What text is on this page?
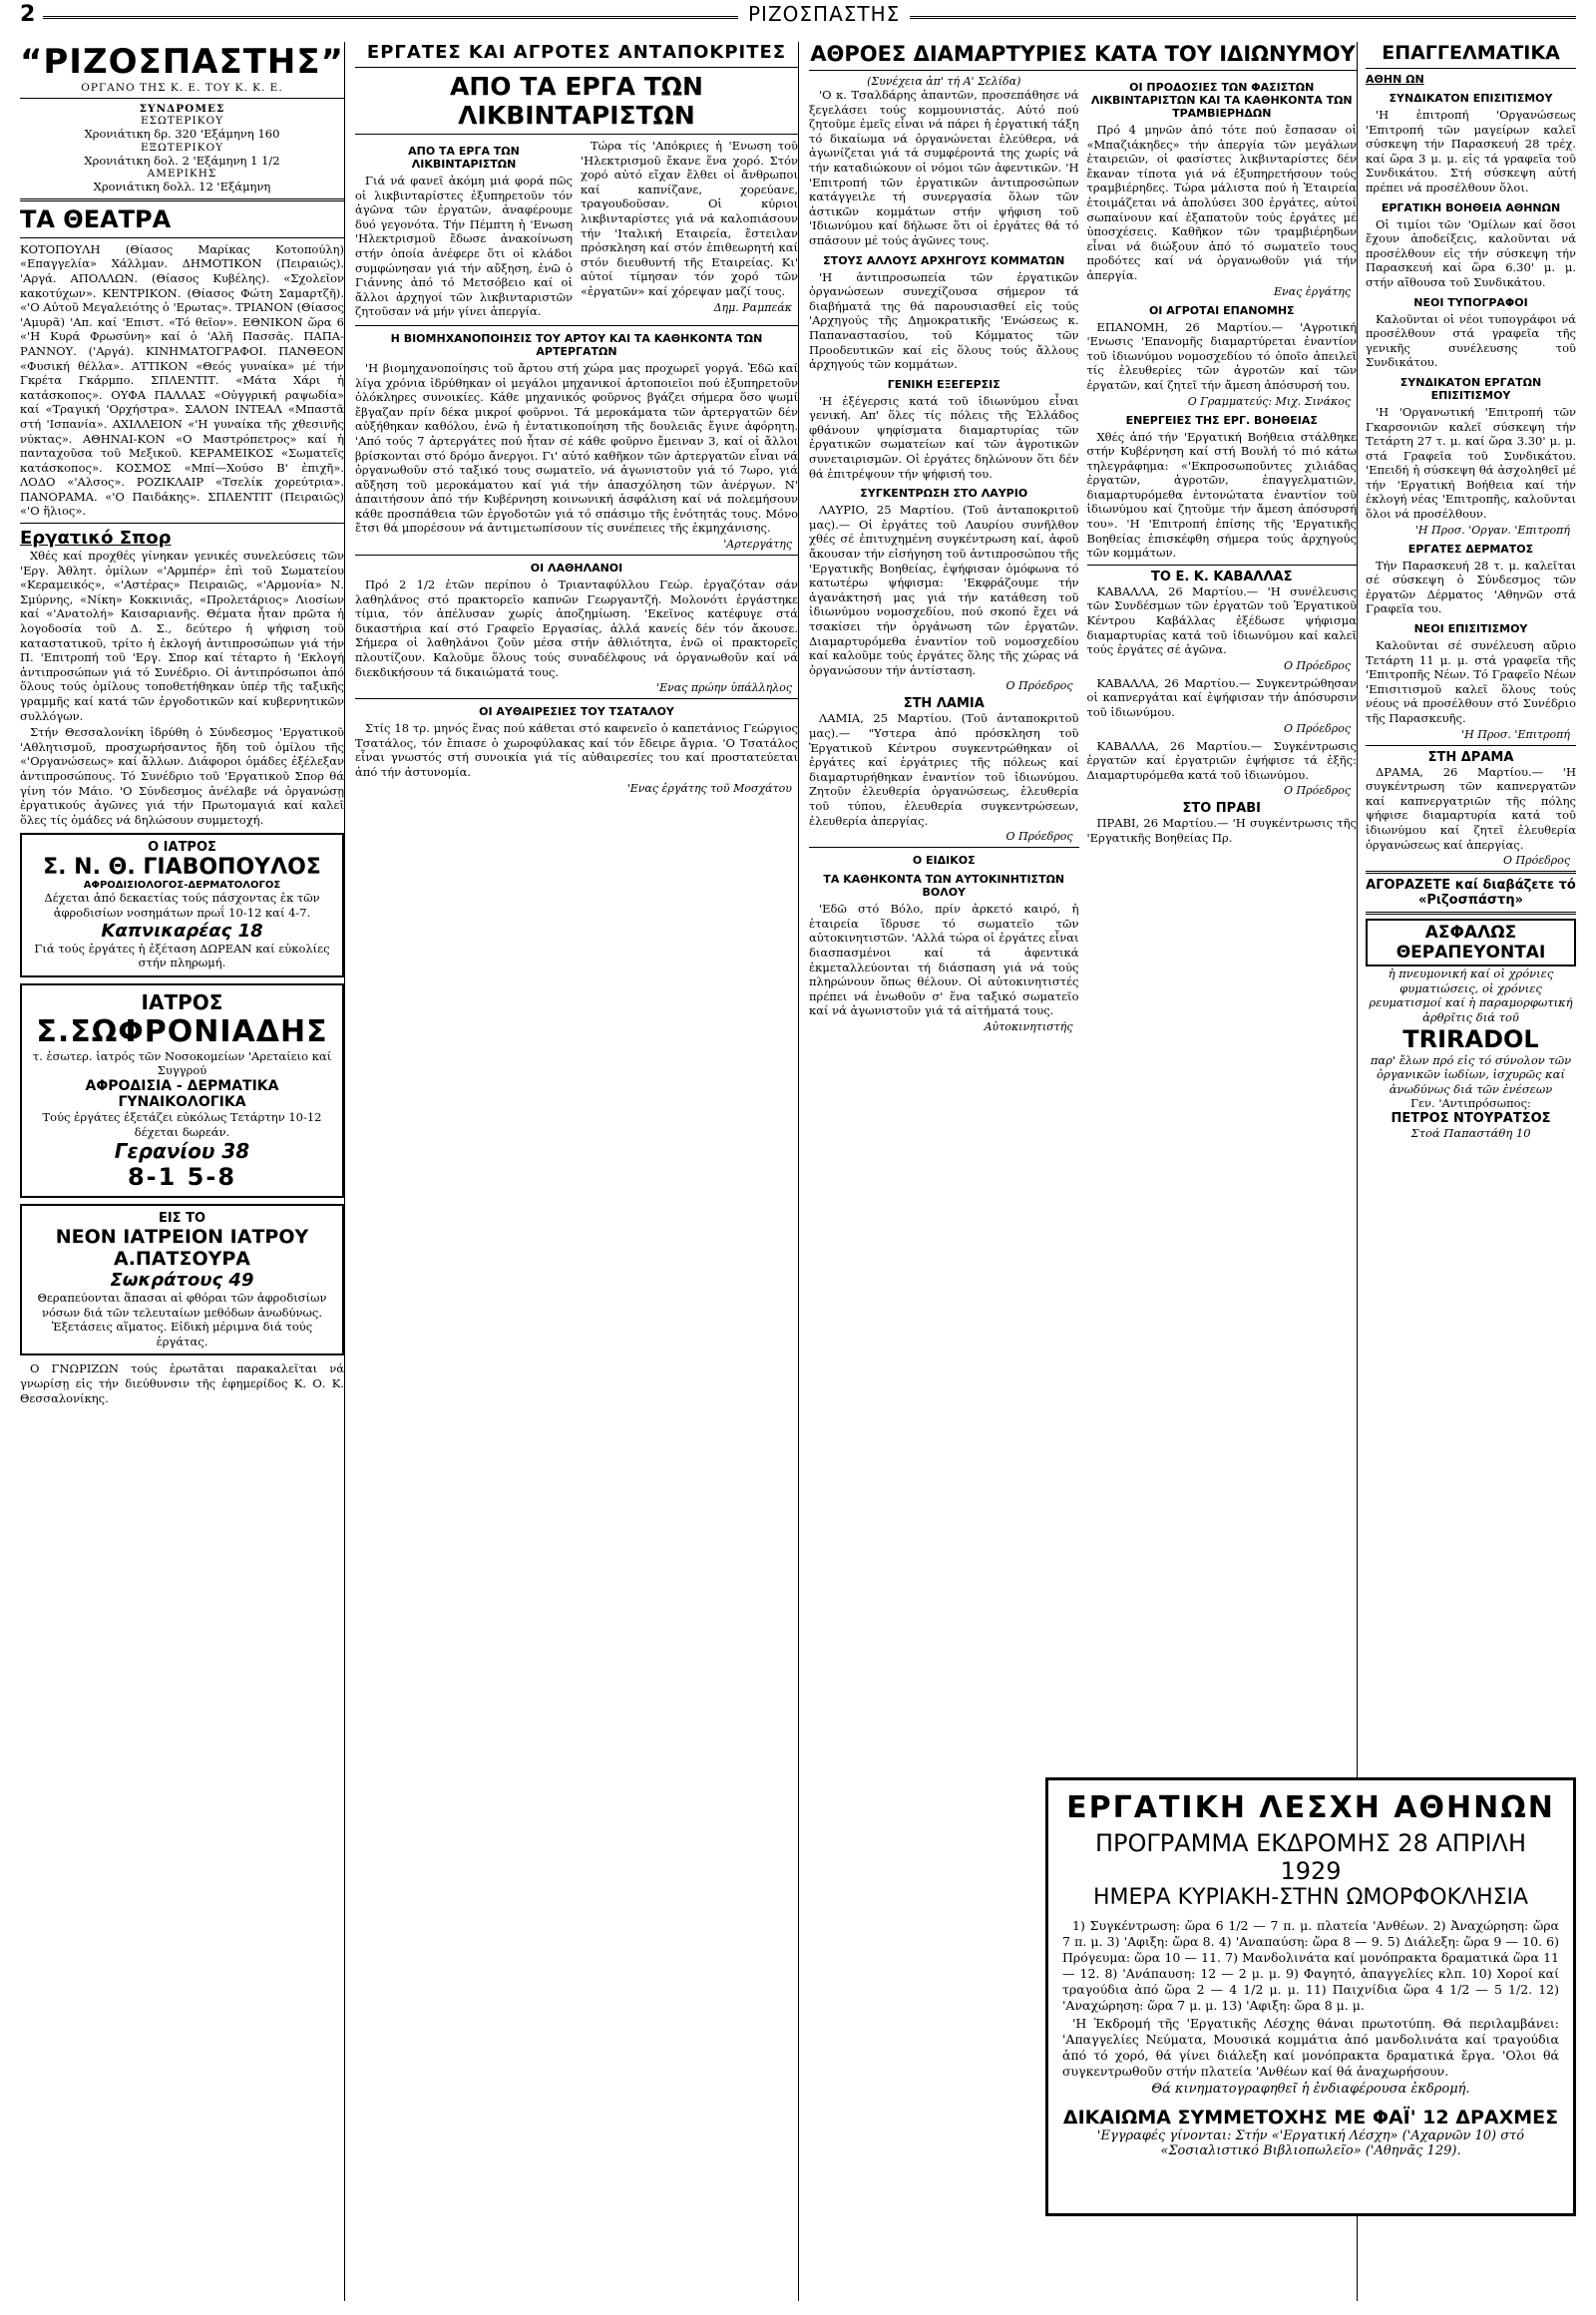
2	ΡΙΖΟΣΠΑΣΤΗΣ
“ΡΙΖΟΣΠΑΣΤΗΣ”
ΟΡΓΑΝΟ ΤΗΣ Κ. Ε. ΤΟΥ Κ. Κ. Ε.
ΣΥΝΔΡΟΜΕΣ
ΕΣΩΤΕΡΙΚΟΥ
Χρονιάτικη δρ. 320 'Εξάμηνη 160
ΕΞΩΤΕΡΙΚΟΥ
Χρονιάτικη δολ. 2 'Εξάμηνη 1 1/2
ΑΜΕΡΙΚΗΣ
Χρονιάτικη δολλ. 12 'Εξάμηνη
ΤΑ ΘΕΑΤΡΑ
ΚΟΤΟΠΟΥΛΗ (Θίασος Μαρίκας Κοτοπούλη) «Επαγγελία» Χάλλμαν. ΔΗΜΟΤΙΚΟΝ (Πειραιώς). 'Αργά. ΑΠΟΛΛΩΝ. (Θίασος Κυβέλης). «Σχολεῖον κακοτύχων». ΚΕΝΤΡΙΚΟΝ. (Θίασος Φώτη Σαμαρτζῆ). «'Ο Αὐτοῦ Μεγαλειότης ὁ 'Ερωτας». ΤΡΙΑΝΟΝ (Θίασος 'Αμυρᾶ) 'Απ. καί 'Επιστ. «Τό θεῖον». ΕΘΝΙΚΟΝ ὥρα 6 «'Η Κυρά Φρωσύνη» καί ὁ 'Αλῆ Πασσᾶς. ΠΑΠΑ-ΡΑΝΝΟΥ. ('Αργά). ΚΙΝΗΜΑΤΟΓΡΑΦΟΙ. ΠΑΝΘΕΟΝ «Φυσική θέλλα». ΑΤΤΙΚΟΝ «Θεός γυναίκα» μέ τήν Γκρέτα Γκάρμπο. ΣΠΛΕΝΤΙΤ. «Μάτα Χάρι ἡ κατάσκοπος». ΟΥΦΑ ΠΑΛΛΑΣ «Οὐγγρική ραψωδία» καί «Τραγική 'Ορχήστρα». ΣΑΛΟΝ ΙΝΤΕΑΛ «Μπαστᾶ στή 'Ισπανία». ΑΧΙΛΛΕΙΟΝ «'Η γυναίκα τῆς χθεσινῆς νύκτας». ΑΘΗΝΑΙ-ΚΟΝ «Ο Μαστρόπετρος» καί ἡ πανταχοῦσα τοῦ Μεξικοῦ. ΚΕΡΑΜΕΙΚΟΣ «Σωματεῖς κατάσκοπος». ΚΟΣΜΟΣ «Μπί—Χούσο Β' ἐπιχῆ». ΛΟΔΟ «'Αλσος». ΡΟΖΙΚΛΑΙΡ «Τσελίκ χορεύτρια». ΠΑΝΟΡΑΜΑ. «'Ο Παιδάκης». ΣΠΛΕΝΤΙΤ (Πειραιῶς) «'Ο ἥλιος».
Εργατικό Σπορ

Χθές καί προχθές γίνηκαν γενικές συνελεύσεις τῶν 'Εργ. Ἀθλητ. ὁμίλων «'Αρμπέρ» ἐπὶ τοῦ Σωματείου «Κεραμεικός», «'Αστέρας» Πειραιῶς, «'Αρμονία» Ν. Σμύρνης, «Νίκη» Κοκκινιᾶς, «Προλετάριος» Λιοσίων καί «'Ανατολή» Καισαριανῆς. Θέματα ἦταν πρῶτα ἡ λογοδοσία τοῦ Δ. Σ., δεύτερο ἡ ψήφιση τοῦ καταστατικοῦ, τρίτο ἡ ἐκλογή ἀντιπροσώπων γιά τήν Π. 'Επιτροπή τοῦ 'Εργ. Σπορ καί τέταρτο ἡ 'Εκλογή ἀντιπροσώπων γιά τό Συνέδριο. Οἱ ἀντιπρόσωποι ἀπό ὅλους τούς ὁμίλους τοποθετήθηκαν ὑπέρ τῆς ταξικῆς γραμμῆς καί κατά τῶν ἐργοδοτικῶν καί κυβερνητικῶν συλλόγων.

Στήν Θεσσαλονίκη ἱδρύθη ὁ Σύνδεσμος 'Εργατικοῦ 'Αθλητισμοῦ, προσχωρήσαντος ἤδη τοῦ ὁμίλου τῆς «'Οργανώσεως» καί ἄλλων. Διάφοροι ὁμάδες ἐξέλεξαν ἀντιπροσώπους. Τό Συνέδριο τοῦ 'Εργατικοῦ Σπορ θά γίνη τόν Μάιο. 'Ο Σύνδεσμος ἀνέλαβε νά ὀργανώσῃ ἐργατικούς ἀγῶνες γιά τήν Πρωτομαγιά καί καλεῖ ὅλες τίς ὁμάδες νά δηλώσουν συμμετοχή.

Ο ΙΑΤΡΟΣ
Σ. Ν. Θ. ΓΙΑΒΟΠΟΥΛΟΣ
ΑΦΡΟΔΙΣΙΟΛΟΓΟΣ-ΔΕΡΜΑΤΟΛΟΓΟΣ
Δέχεται ἀπό δεκαετίας τούς πάσχοντας ἐκ τῶν ἀφροδισίων νοσημάτων πρωΐ 10-12 καί 4-7.
Καπνικαρέας 18
Γιά τούς ἐργάτες ἡ ἐξέταση ΔΩΡΕΑΝ καί εὐκολίες στήν πληρωμή.
ΙΑΤΡΟΣ
Σ.ΣΩΦΡΟΝΙΑΔΗΣ
τ. ἐσωτερ. ἰατρός τῶν Νοσοκομείων 'Αρεταίειο καί Συγγρού
ΑΦΡΟΔΙΣΙΑ - ΔΕΡΜΑΤΙΚΑ ΓΥΝΑΙΚΟΛΟΓΙΚΑ
Τούς ἐργάτες ἐξετάζει εὐκόλως Τετάρτην 10-12 δέχεται δωρεάν.
Γερανίου 38
8-1 5-8
ΕΙΣ ΤΟ
ΝΕΟΝ ΙΑΤΡΕΙΟΝ ΙΑΤΡΟΥ Α.ΠΑΤΣΟΥΡΑ
Σωκράτους 49
Θεραπεύονται ἅπασαι αἱ φθόραι τῶν ἀφροδισίων νόσων διά τῶν τελευταίων μεθόδων ἀνωδύνως. Ἐξετάσεις αἵματος. Εἰδικὴ μέριμνα διά τούς ἐργάτας.

Ο ΓΝΩΡΙΖΩΝ τούς ἐρωτᾶται παρακαλεῖται νά γνωρίσῃ εἰς τήν διεύθυνσιν τῆς ἐφημερίδος Κ. Ο. Κ. Θεσσαλονίκης.

ΕΡΓΑΤΕΣ ΚΑΙ ΑΓΡΟΤΕΣ ΑΝΤΑΠΟΚΡΙΤΕΣ
ΑΠΟ ΤΑ ΕΡΓΑ ΤΩΝ ΛΙΚΒΙΝΤΑΡΙΣΤΩΝ
ΑΠΟ ΤΑ ΕΡΓΑ ΤΩΝ ΛΙΚΒΙΝΤΑΡΙΣΤΩΝ

Γιά νά φανεῖ ἀκόμη μιά φορά πῶς οἱ λικβινταρίστες ἐξυπηρετοῦν τόν ἀγῶνα τῶν ἐργατῶν, ἀναφέρουμε δυό γεγονότα. Τήν Πέμπτη ἡ 'Ενωση 'Ηλεκτρισμοῦ ἔδωσε ἀνακοίνωση στήν ὁποία ἀνέφερε ὅτι οἱ κλάδοι συμφώνησαν γιά τήν αὔξηση, ἐνῶ ὁ Γιάννης ἀπό τό Μετσόβειο καί οἱ ἄλλοι ἀρχηγοί τῶν λικβινταριστῶν ζητοῦσαν νά μήν γίνει ἀπεργία.

Τώρα τίς 'Απόκριες ἡ 'Ενωση τοῦ 'Ηλεκτρισμοῦ ἔκανε ἕνα χορό. Στόν χορό αὐτό εἴχαν ἔλθει οἱ ἄνθρωποι καί καπνίζανε, χορεύανε, τραγουδοῦσαν. Οἱ κύριοι λικβινταρίστες γιά νά καλοπιάσουν τήν 'Ιταλική Εταιρεία, ἔστειλαν πρόσκληση καί στόν ἐπιθεωρητή καί στόν διευθυντή τῆς Εταιρείας. Κι' αὐτοί τίμησαν τόν χορό τῶν «ἐργατῶν» καί χόρεψαν μαζί τους.

Δημ. Ραμπεάκ
Η ΒΙΟΜΗΧΑΝΟΠΟΙΗΣΙΣ ΤΟΥ ΑΡΤΟΥ ΚΑΙ ΤΑ ΚΑΘΗΚΟΝΤΑ ΤΩΝ ΑΡΤΕΡΓΑΤΩΝ

'Η βιομηχανοποίησις τοῦ ἄρτου στή χώρα μας προχωρεῖ γοργά. Ἐδῶ καί λίγα χρόνια ἱδρύθηκαν οἱ μεγάλοι μηχανικοί ἀρτοποιεῖοι πού ἐξυπηρετοῦν ὁλόκληρες συνοικίες. Κάθε μηχανικός φοῦρνος βγάζει σήμερα ὅσο ψωμί ἔβγαζαν πρίν δέκα μικροί φοῦρνοι. Τά μεροκάματα τῶν ἀρτεργατῶν δέν αὐξήθηκαν καθόλου, ἐνῶ ἡ ἐντατικοποίηση τῆς δουλειᾶς ἔγινε ἀφόρητη. 'Από τούς 7 ἀρτεργάτες πού ἦταν σέ κάθε φοῦρνο ἔμειναν 3, καί οἱ ἄλλοι βρίσκονται στό δρόμο ἄνεργοι. Γι' αὐτό καθῆκον τῶν ἀρτεργατῶν εἶναι νά ὀργανωθοῦν στό ταξικό τους σωματεῖο, νά ἀγωνιστοῦν γιά τό 7ωρο, γιά αὔξηση τοῦ μεροκάματου καί γιά τήν ἀπασχόληση τῶν ἀνέργων. Ν' ἀπαιτήσουν ἀπό τήν Κυβέρνηση κοινωνική ἀσφάλιση καί νά πολεμήσουν κάθε προσπάθεια τῶν ἐργοδοτῶν γιά τό σπάσιμο τῆς ἑνότητάς τους. Μόνο ἔτσι θά μπορέσουν νά ἀντιμετωπίσουν τίς συνέπειες τῆς ἐκμηχάνισης.

'Αρτεργάτης
ΟΙ ΛΑΘΗΛΑΝΟΙ

Πρό 2 1/2 ἐτῶν περίπου ὁ Τριανταφύλλου Γεώρ. ἐργαζόταν σάν λαθηλάνος στό πρακτορεῖο καπνῶν Γεωργαντζή. Μολονότι ἐργάστηκε τίμια, τόν ἀπέλυσαν χωρίς ἀποζημίωση. 'Εκεῖνος κατέφυγε στά δικαστήρια καί στό Γραφεῖο Εργασίας, ἀλλά κανείς δέν τόν ἄκουσε. Σήμερα οἱ λαθηλάνοι ζοῦν μέσα στήν ἀθλιότητα, ἐνῶ οἱ πρακτορεῖς πλουτίζουν. Καλοῦμε ὅλους τούς συναδέλφους νά ὀργανωθοῦν καί νά διεκδικήσουν τά δικαιώματά τους.

'Ενας πρώην ὑπάλληλος
ΟΙ ΑΥΘΑΙΡΕΣΙΕΣ ΤΟΥ ΤΣΑΤΑΛΟΥ

Στίς 18 τρ. μηνός ἕνας πού κάθεται στό καφενεῖο ὁ καπετάνιος Γεώργιος Τσατάλος, τόν ἔπιασε ὁ χωροφύλακας καί τόν ἔδειρε ἄγρια. 'Ο Τσατάλος εἶναι γνωστός στή συνοικία γιά τίς αὐθαιρεσίες του καί προστατεύεται ἀπό τήν ἀστυνομία.

'Ενας ἐργάτης τοῦ Μοσχάτου
ΑΘΡΟΕΣ ΔΙΑΜΑΡΤΥΡΙΕΣ ΚΑΤΑ ΤΟΥ ΙΔΙΩΝΥΜΟΥ
(Συνέχεια ἀπ' τή Α' Σελίδα)

'Ο κ. Τσαλδάρης ἀπαντῶν, προσεπάθησε νά ξεγελάσει τούς κομμουνιστάς. Αὐτό πού ζητοῦμε ἐμεῖς εἶναι νά πάρει ἡ ἐργατική τάξη τό δικαίωμα νά ὀργανώνεται ἐλεύθερα, νά ἀγωνίζεται γιά τά συμφέροντά της χωρίς νά τήν καταδιώκουν οἱ νόμοι τῶν ἀφεντικῶν. 'Η 'Επιτροπή τῶν ἐργατικῶν ἀντιπροσώπων κατάγγειλε τή συνεργασία ὅλων τῶν ἀστικῶν κομμάτων στήν ψήφιση τοῦ 'Ιδιωνύμου καί δήλωσε ὅτι οἱ ἐργάτες θά τό σπάσουν μέ τούς ἀγῶνες τους.

ΣΤΟΥΣ ΑΛΛΟΥΣ ΑΡΧΗΓΟΥΣ ΚΟΜΜΑΤΩΝ

'Η ἀντιπροσωπεία τῶν ἐργατικῶν ὀργανώσεων συνεχίζουσα σήμερον τά διαβήματά της θά παρουσιασθεί εἰς τούς 'Αρχηγούς τῆς Δημοκρατικῆς 'Ενώσεως κ. Παπαναστασίου, τοῦ Κόμματος τῶν Προοδευτικῶν καί εἰς ὅλους τούς ἄλλους ἀρχηγούς τῶν κομμάτων.

ΓΕΝΙΚΗ ΕΞΕΓΕΡΣΙΣ

'Η ἐξέγερσις κατά τοῦ ἰδιωνύμου εἶναι γενική. Απ' ὅλες τίς πόλεις τῆς Ἑλλάδος φθάνουν ψηφίσματα διαμαρτυρίας τῶν ἐργατικῶν σωματείων καί τῶν ἀγροτικῶν συνεταιρισμῶν. Οἱ ἐργάτες δηλώνουν ὅτι δέν θά ἐπιτρέψουν τήν ψήφισή του.

ΣΥΓΚΕΝΤΡΩΣΗ ΣΤΟ ΛΑΥΡΙΟ

ΛΑΥΡΙΟ, 25 Μαρτίου. (Τοῦ ἀνταποκριτοῦ μας).— Οἱ ἐργάτες τοῦ Λαυρίου συνῆλθον χθές σέ ἐπιτυχημένη συγκέντρωση καί, ἀφοῦ ἄκουσαν τήν εἰσήγηση τοῦ ἀντιπροσώπου τῆς 'Εργατικῆς Βοηθείας, ἐψήφισαν ὁμόφωνα τό κατωτέρω ψήφισμα: 'Εκφράζουμε τήν ἀγανάκτησή μας γιά τήν κατάθεση τοῦ ἰδιωνύμου νομοσχεδίου, πού σκοπό ἔχει νά τσακίσει τήν ὀργάνωση τῶν ἐργατῶν. Διαμαρτυρόμεθα ἐναντίον τοῦ νομοσχεδίου καί καλοῦμε τούς ἐργάτες ὅλης τῆς χώρας νά ὀργανώσουν τήν ἀντίσταση.

Ο Πρόεδρος
ΣΤΗ ΛΑΜΙΑ

ΛΑΜΙΑ, 25 Μαρτίου. (Τοῦ ἀνταποκριτοῦ μας).— "Υστερα ἀπό πρόσκληση τοῦ Ἐργατικοῦ Κέντρου συγκεντρώθηκαν οἱ ἐργάτες καί ἐργάτριες τῆς πόλεως καί διαμαρτυρήθηκαν ἐναντίον τοῦ ἰδιωνύμου. Ζητοῦν ἐλευθερία ὀργανώσεως, ἐλευθερία τοῦ τύπου, ἐλευθερία συγκεντρώσεων, ἐλευθερία ἀπεργίας.

Ο Πρόεδρος
Ο ΕΙΔΙΚΟΣ
ΤΑ ΚΑΘΗΚΟΝΤΑ ΤΩΝ ΑΥΤΟΚΙΝΗΤΙΣΤΩΝ ΒΟΛΟΥ

'Εδῶ στό Βόλο, πρίν ἀρκετό καιρό, ἡ ἑταιρεία ἵδρυσε τό σωματεῖο τῶν αὐτοκινητιστῶν. 'Αλλά τώρα οἱ ἐργάτες εἶναι διασπασμένοι καί τά ἀφεντικά ἐκμεταλλεύονται τή διάσπαση γιά νά τούς πληρώνουν ὅπως θέλουν. Οἱ αὐτοκινητιστές πρέπει νά ἑνωθοῦν σ' ἕνα ταξικό σωματεῖο καί νά ἀγωνιστοῦν γιά τά αἰτήματά τους.

Αὐτοκινητιστής
ΟΙ ΠΡΟΔΟΣΙΕΣ ΤΩΝ ΦΑΣΙΣΤΩΝ ΛΙΚΒΙΝΤΑΡΙΣΤΩΝ ΚΑΙ ΤΑ ΚΑΘΗΚΟΝΤΑ ΤΩΝ ΤΡΑΜΒΙΕΡΗΔΩΝ

Πρό 4 μηνῶν ἀπό τότε πού ἔσπασαν οἱ «Μπαζιάκηδες» τήν ἀπεργία τῶν μεγάλων ἑταιρειῶν, οἱ φασίστες λικβινταρίστες δέν ἔκαναν τίποτα γιά νά ἐξυπηρετήσουν τούς τραμβιέρηδες. Τώρα μάλιστα πού ἡ Ἑταιρεία ἑτοιμάζεται νά ἀπολύσει 300 ἐργάτες, αὐτοί σωπαίνουν καί ἐξαπατοῦν τούς ἐργάτες μέ ὑποσχέσεις. Καθῆκον τῶν τραμβιέρηδων εἶναι νά διώξουν ἀπό τό σωματεῖο τους προδότες καί νά ὀργανωθοῦν γιά τήν ἀπεργία.

Ενας ἐργάτης
ΟΙ ΑΓΡΟΤΑΙ ΕΠΑΝΟΜΗΣ

ΕΠΑΝΟΜΗ, 26 Μαρτίου.— 'Αγροτική 'Ενωσις 'Επανομῆς διαμαρτύρεται ἐναντίον τοῦ ἰδιωνύμου νομοσχεδίου τό ὁποῖο ἀπειλεῖ τίς ἐλευθερίες τῶν ἀγροτῶν καί τῶν ἐργατῶν, καί ζητεῖ τήν ἄμεση ἀπόσυρσή του.

Ο Γραμματεύς: Μιχ. Σινάκος
ΕΝΕΡΓΕΙΕΣ ΤΗΣ ΕΡΓ. ΒΟΗΘΕΙΑΣ

Χθές ἀπό τήν 'Εργατική Βοήθεια στάλθηκε στήν Κυβέρνηση καί στή Βουλή τό πιό κάτω τηλεγράφημα: «'Εκπροσωποῦντες χιλιάδας ἐργατῶν, ἀγροτῶν, ἐπαγγελματιῶν, διαμαρτυρόμεθα ἐντονώτατα ἐναντίον τοῦ ἰδιωνύμου καί ζητοῦμε τήν ἄμεση ἀπόσυρσή του». 'Η 'Επιτροπή ἐπίσης τῆς 'Εργατικῆς Βοηθείας ἐπισκέφθη σήμερα τούς ἀρχηγούς τῶν κομμάτων.

ΤΟ Ε. Κ. ΚΑΒΑΛΛΑΣ

ΚΑΒΑΛΛΑ, 26 Μαρτίου.— 'Η συνέλευσις τῶν Συνδέσμων τῶν ἐργατῶν τοῦ Ἐργατικοῦ Κέντρου Καβάλλας ἐξέδωσε ψήφισμα διαμαρτυρίας κατά τοῦ ἰδιωνύμου καί καλεῖ τούς ἐργάτες σέ ἀγῶνα.

Ο Πρόεδρος

ΚΑΒΑΛΛΑ, 26 Μαρτίου.— Συγκεντρώθησαν οἱ καπνεργάται καί ἐψήφισαν τήν ἀπόσυρσιν τοῦ ἰδιωνύμου.

Ο Πρόεδρος

ΚΑΒΑΛΛΑ, 26 Μαρτίου.— Συγκέντρωσις ἐργατῶν καί ἐργατριῶν ἐψήφισε τά ἑξῆς: Διαμαρτυρόμεθα κατά τοῦ ἰδιωνύμου.

Ο Πρόεδρος
ΣΤΟ ΠΡΑΒΙ

ΠΡΑΒΙ, 26 Μαρτίου.— 'Η συγκέντρωσις τῆς 'Εργατικῆς Βοηθείας Πρ.

ΕΠΑΓΓΕΛΜΑΤΙΚΑ
ΑΘΗΝ ΩΝ
ΣΥΝΔΙΚΑΤΟΝ ΕΠΙΣΙΤΙΣΜΟΥ

'Η ἐπιτροπή 'Οργανώσεως 'Επιτροπή τῶν μαγείρων καλεῖ σύσκεψη τήν Παρασκευή 28 τρέχ. καί ὥρα 3 μ. μ. εἰς τά γραφεῖα τοῦ Συνδικάτου. Στή σύσκεψη αὐτή πρέπει νά προσέλθουν ὅλοι.

ΕΡΓΑΤΙΚΗ ΒΟΗΘΕΙΑ ΑΘΗΝΩΝ

Οἱ τιμίοι τῶν 'Ομίλων καί ὅσοι ἔχουν ἀποδείξεις, καλοῦνται νά προσέλθουν εἰς τήν σύσκεψη τήν Παρασκευή καί ὥρα 6.30' μ. μ. στήν αἴθουσα τοῦ Συνδικάτου.

ΝΕΟΙ ΤΥΠΟΓΡΑΦΟΙ

Καλοῦνται οἱ νέοι τυπογράφοι νά προσέλθουν στά γραφεῖα τῆς γενικῆς συνέλευσης τοῦ Συνδικάτου.

ΣΥΝΔΙΚΑΤΟΝ ΕΡΓΑΤΩΝ ΕΠΙΣΙΤΙΣΜΟΥ

'Η 'Οργανωτική 'Επιτροπή τῶν Γκαρσονιῶν καλεῖ σύσκεψη τήν Τετάρτη 27 τ. μ. καί ὥρα 3.30' μ. μ. στά Γραφεῖα τοῦ Συνδικάτου. 'Επειδή ἡ σύσκεψη θά ἀσχοληθεῖ μέ τήν 'Εργατική Βοήθεια καί τήν ἐκλογή νέας 'Επιτροπῆς, καλοῦνται ὅλοι νά προσέλθουν.

'Η Προσ. 'Οργαν. 'Επιτροπή
ΕΡΓΑΤΕΣ ΔΕΡΜΑΤΟΣ

Τήν Παρασκευή 28 τ. μ. καλεῖται σέ σύσκεψη ὁ Σύνδεσμος τῶν ἐργατῶν Δέρματος 'Αθηνῶν στά Γραφεῖα του.

ΝΕΟΙ ΕΠΙΣΙΤΙΣΜΟΥ

Καλοῦνται σέ συνέλευση αὔριο Τετάρτη 11 μ. μ. στά γραφεῖα τῆς 'Επιτροπῆς Νέων. Τό Γραφεῖο Νέων 'Επισιτισμοῦ καλεῖ ὅλους τούς νέους νά προσέλθουν στό Συνέδριο τῆς Παρασκευῆς.

'Η Προσ. 'Επιτροπή
ΣΤΗ ΔΡΑΜΑ

ΔΡΑΜΑ, 26 Μαρτίου.— 'Η συγκέντρωση τῶν καπνεργατῶν καί καπνεργατριῶν τῆς πόλης ψήφισε διαμαρτυρία κατά τοῦ ἰδιωνύμου καί ζητεῖ ἐλευθερία ὀργανώσεως καί ἀπεργίας.

Ο Πρόεδρος
ΑΓΟΡΑΖΕΤΕ καί διαβάζετε τό «Ριζοσπάστη»
ΑΣΦΑΛΩΣ ΘΕΡΑΠΕΥΟΝΤΑΙ
ἡ πνευμονική καί οἱ χρόνιες φυματιώσεις, οἱ χρόνιες ρευματισμοί καί ἡ παραμορφωτική ἀρθρῖτις διά τοῦ
TRIRADOL
παρ' ἔλων πρό εἰς τό σύνολον τῶν ὀργανικῶν ἰωδίων, ἰσχυρῶς καί ἀνωδύνως διά τῶν ἐνέσεων
Γεν. 'Αντιπρόσωπος:
ΠΕΤΡΟΣ ΝΤΟΥΡΑΤΣΟΣ
Στοά Παπαστάθη 10
ΕΡΓΑΤΙΚΗ ΛΕΣΧΗ ΑΘΗΝΩΝ
ΠΡΟΓΡΑΜΜΑ ΕΚΔΡΟΜΗΣ 28 ΑΠΡΙΛΗ 1929
ΗΜΕΡΑ ΚΥΡΙΑΚΗ-ΣΤΗΝ ΩΜΟΡΦΟΚΛΗΣΙΑ

1) Συγκέντρωση: ὥρα 6 1/2 — 7 π. μ. πλατεία 'Ανθέων. 2) Ἀναχώρηση: ὥρα 7 π. μ. 3) 'Αφιξη: ὥρα 8. 4) 'Αναπαύση: ὥρα 8 — 9. 5) Διάλεξη: ὥρα 9 — 10. 6) Πρόγευμα: ὥρα 10 — 11. 7) Μανδολινάτα καί μονόπρακτα δραματικά ὥρα 11 — 12. 8) 'Ανάπαυση: 12 — 2 μ. μ. 9) Φαγητό, ἀπαγγελίες κλπ. 10) Χοροί καί τραγούδια ἀπό ὥρα 2 — 4 1/2 μ. μ. 11) Παιχνίδια ὥρα 4 1/2 — 5 1/2. 12) 'Αναχώρηση: ὥρα 7 μ. μ. 13) 'Αφιξη: ὥρα 8 μ. μ.

'Η Ἐκδρομή τῆς 'Εργατικῆς Λέσχης θάναι πρωτοτύπη. Θά περιλαμβάνει: 'Απαγγελίες Νεύματα, Μουσικά κομμάτια ἀπό μανδολινάτα καί τραγούδια ἀπό τό χορό, θά γίνει διάλεξη καί μονόπρακτα δραματικά ἔργα. 'Ολοι θά συγκεντρωθοῦν στήν πλατεία 'Ανθέων καί θά ἀναχωρήσουν.

Θά κινηματογραφηθεῖ ἡ ἐνδιαφέρουσα ἐκδρομή.
ΔΙΚΑΙΩΜΑ ΣΥΜΜΕΤΟΧΗΣ ΜΕ ΦΑΪ' 12 ΔΡΑΧΜΕΣ
'Εγγραφές γίνονται: Στήν «'Εργατική Λέσχη» ('Αχαρνῶν 10) στό «Σοσιαλιστικό Βιβλιοπωλεῖο» ('Αθηνᾶς 129).
